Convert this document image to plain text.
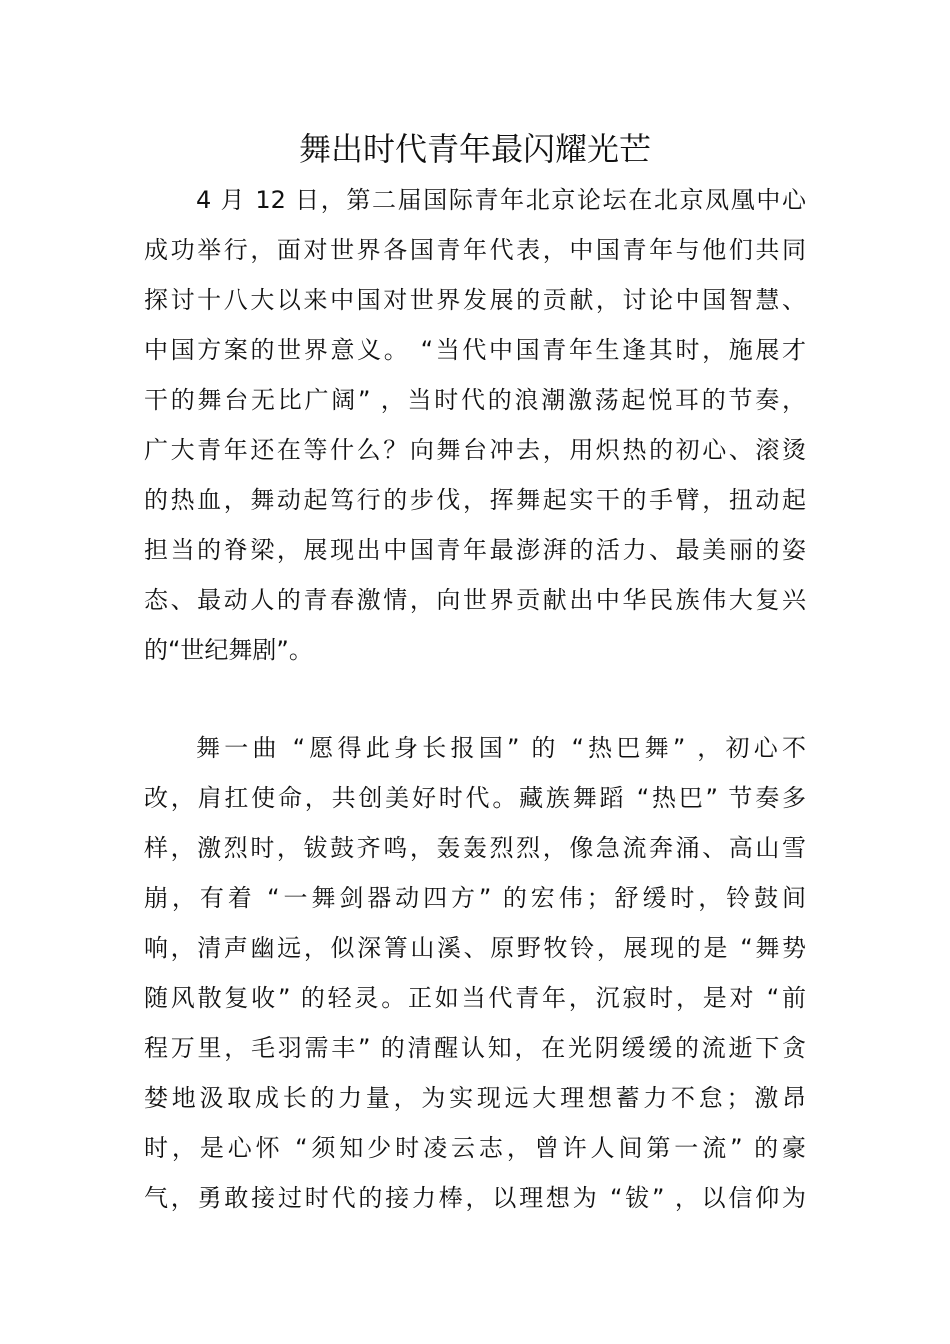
舞出时代青年最闪耀光芒

4 月 12 日，第二届国际青年北京论坛在北京凤凰中心

成功举行，面对世界各国青年代表，中国青年与他们共同

探讨十八大以来中国对世界发展的贡献，讨论中国智慧、

中国方案的世界意义。 “当代中国青年生逢其时，施展才

干的舞台无比广阔” ，当时代的浪潮激荡起悦耳的节奏，

广大青年还在等什么？向舞台冲去，用炽热的初心、滚烫

的热血，舞动起笃行的步伐，挥舞起实干的手臂，扭动起

担当的脊梁，展现出中国青年最澎湃的活力、最美丽的姿

态、最动人的青春激情，向世界贡献出中华民族伟大复兴

的“世纪舞剧”。

舞一曲 “愿得此身长报国” 的 “热巴舞” ，初心不

改，肩扛使命，共创美好时代。藏族舞蹈 “热巴” 节奏多

样，激烈时，钹鼓齐鸣，轰轰烈烈，像急流奔涌、高山雪

崩，有着 “一舞剑器动四方” 的宏伟；舒缓时，铃鼓间

响，清声幽远，似深箐山溪、原野牧铃，展现的是 “舞势

随风散复收” 的轻灵。正如当代青年，沉寂时，是对 “前

程万里，毛羽需丰” 的清醒认知，在光阴缓缓的流逝下贪

婪地汲取成长的力量，为实现远大理想蓄力不怠；激昂

时，是心怀 “须知少时凌云志，曾许人间第一流” 的豪

气，勇敢接过时代的接力棒，以理想为 “钹” ，以信仰为
